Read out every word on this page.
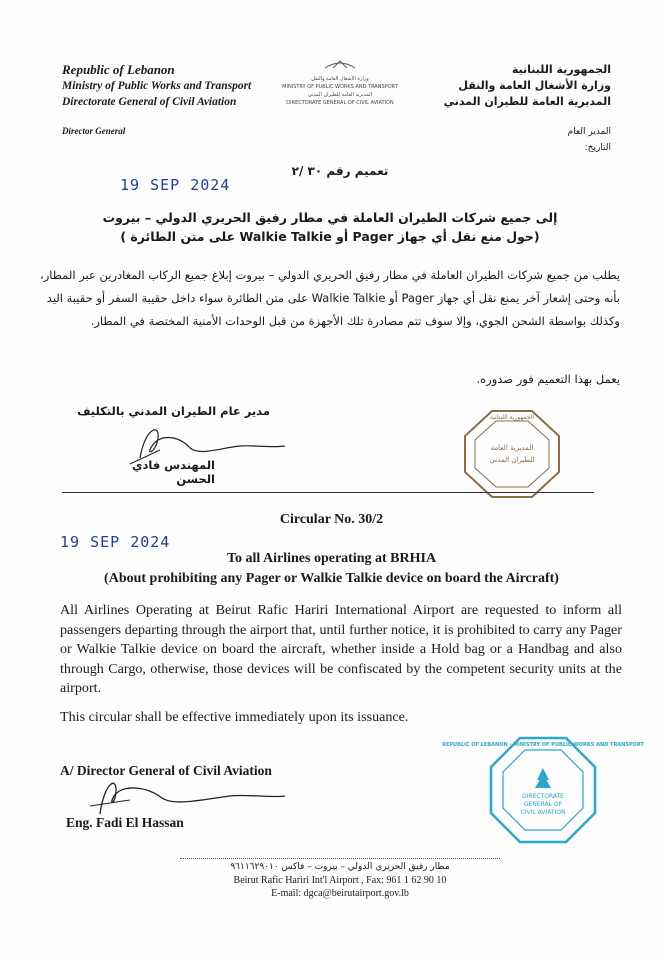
Republic of Lebanon
Ministry of Public Works and Transport
Directorate General of Civil Aviation
وزارة الأشغال العامة والنقل
MINISTRY OF PUBLIC WORKS AND TRANSPORT
المديرية العامة للطيران المدني
DIRECTORATE GENERAL OF CIVIL AVIATION
الجمهورية اللبنانية
وزارة الأشغال العامة والنقل
المديرية العامة للطيران المدني
Director General	المدير العام
التاريخ:
19 SEP 2024
تعميم رقم ٣٠ /٢
إلى جميع شركات الطيران العاملة في مطار رفيق الحريري الدولي – بيروت
(حول منع نقل أي جهاز Pager أو Walkie Talkie على متن الطائرة )
يطلب من جميع شركات الطيران العاملة في مطار رفيق الحريري الدولي – بيروت إبلاغ جميع الركاب المغادرين عبر المطار، بأنه وحتى إشعار آخر يمنع نقل أي جهاز Pager أو Walkie Talkie على متن الطائرة سواء داخل حقيبة السفر أو حقيبة اليد وكذلك بواسطة الشحن الجوي، وإلا سوف تتم مصادرة تلك الأجهزة من قبل الوحدات الأمنية المختصة في المطار.
يعمل بهذا التعميم فور صدوره.
مدير عام الطيران المدني بالتكليف
المهندس فادي الحسن
الجمهورية اللبنانية
المديرية العامة
للطيران المدني
Circular No. 30/2
19 SEP 2024
To all Airlines operating at BRHIA
(About prohibiting any Pager or Walkie Talkie device on board the Aircraft)
All Airlines Operating at Beirut Rafic Hariri International Airport are requested to inform all passengers departing through the airport that, until further notice, it is prohibited to carry any Pager or Walkie Talkie device on board the aircraft, whether inside a Hold bag or a Handbag and also through Cargo, otherwise, those devices will be confiscated by the competent security units at the airport.
This circular shall be effective immediately upon its issuance.
A/ Director General of Civil Aviation
Eng. Fadi El Hassan
REPUBLIC OF LEBANON · MINISTRY OF PUBLIC WORKS AND TRANSPORT
DIRECTORATE
GENERAL OF
CIVIL AVIATION
مطار رفيق الحريري الدولي – بيروت – فاكس ٩٦١١٦٢٩٠١٠
Beirut Rafic Hariri Int'l Airport , Fax: 961 1 62 90 10
E-mail: dgca@beirutairport.gov.lb
